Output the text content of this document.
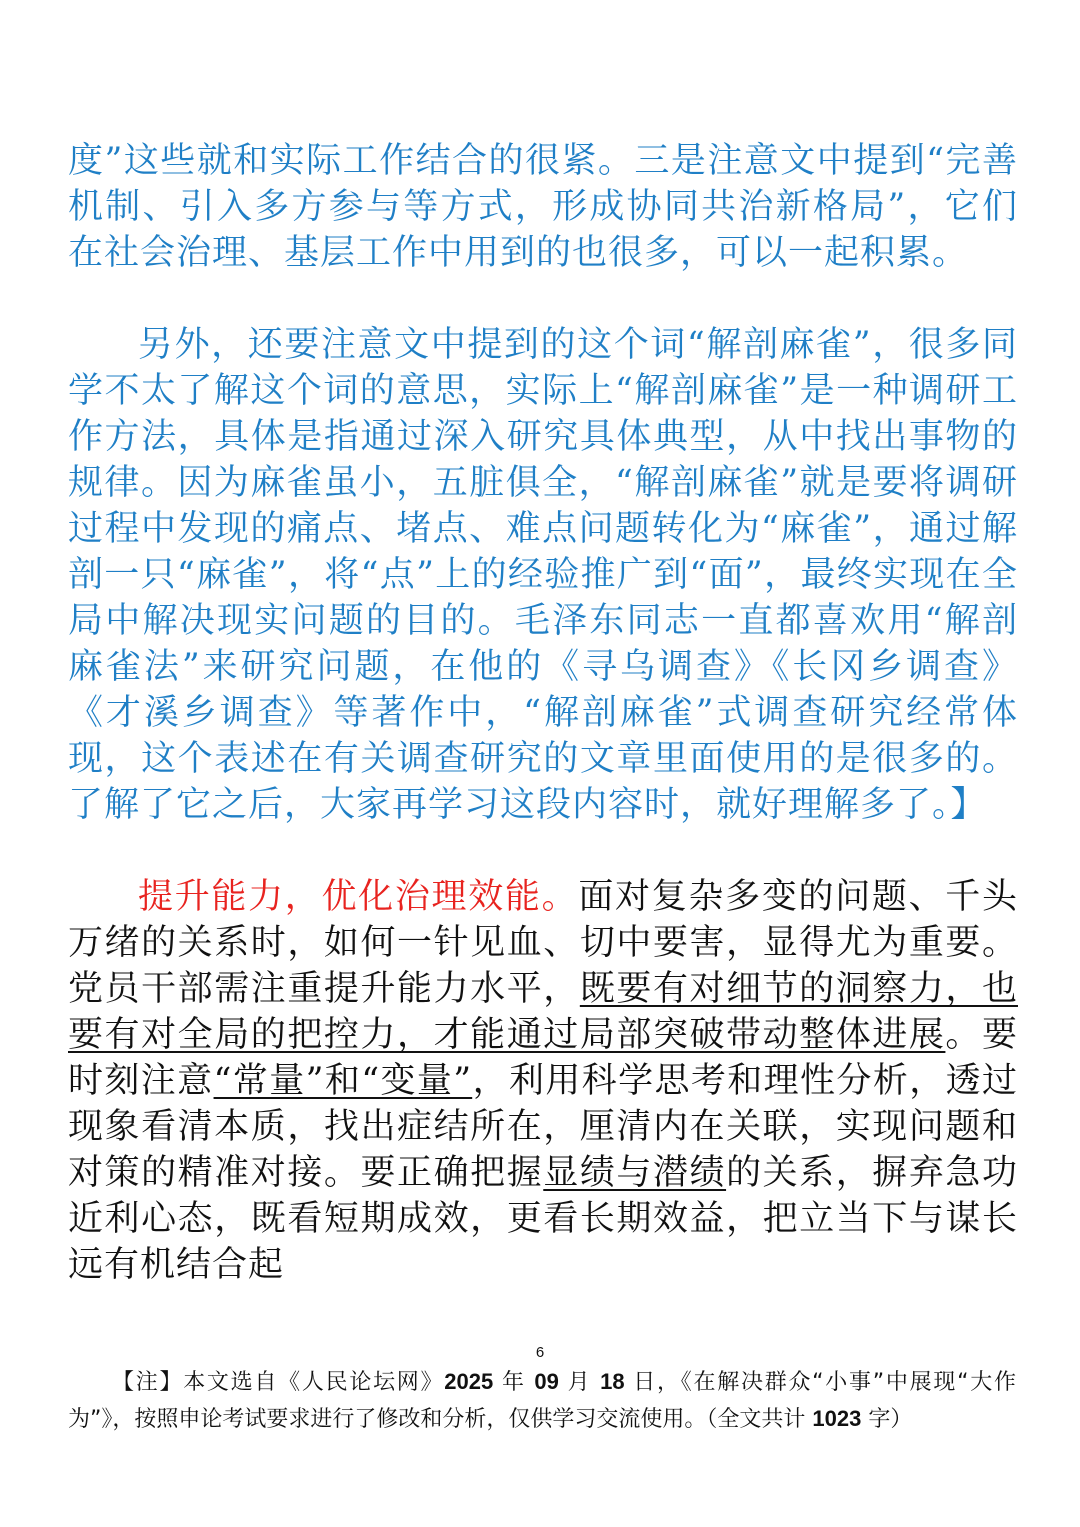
度”这些就和实际工作结合的很紧。三是注意文中提到“完善机制、引入多方参与等方式，形成协同共治新格局”，它们在社会治理、基层工作中用到的也很多，可以一起积累。

另外，还要注意文中提到的这个词“解剖麻雀”，很多同学不太了解这个词的意思，实际上“解剖麻雀”是一种调研工作方法，具体是指通过深入研究具体典型，从中找出事物的规律。因为麻雀虽小，五脏俱全，“解剖麻雀”就是要将调研过程中发现的痛点、堵点、难点问题转化为“麻雀”，通过解剖一只“麻雀”，将“点”上的经验推广到“面”，最终实现在全局中解决现实问题的目的。毛泽东同志一直都喜欢用“解剖麻雀法”来研究问题，在他的《寻乌调查》《长冈乡调查》《才溪乡调查》等著作中，“解剖麻雀”式调查研究经常体现，这个表述在有关调查研究的文章里面使用的是很多的。了解了它之后，大家再学习这段内容时，就好理解多了。】

提升能力，优化治理效能。面对复杂多变的问题、千头万绪的关系时，如何一针见血、切中要害，显得尤为重要。党员干部需注重提升能力水平，既要有对细节的洞察力，也要有对全局的把控力，才能通过局部突破带动整体进展。要时刻注意“常量”和“变量”，利用科学思考和理性分析，透过现象看清本质，找出症结所在，厘清内在关联，实现问题和对策的精准对接。要正确把握显绩与潜绩的关系，摒弃急功近利心态，既看短期成效，更看长期效益，把立当下与谋长远有机结合起

6

【注】本文选自《人民论坛网》2025 年 09 月 18 日，《在解决群众“小事”中展现“大作为”》，按照申论考试要求进行了修改和分析，仅供学习交流使用。（全文共计 1023 字）
